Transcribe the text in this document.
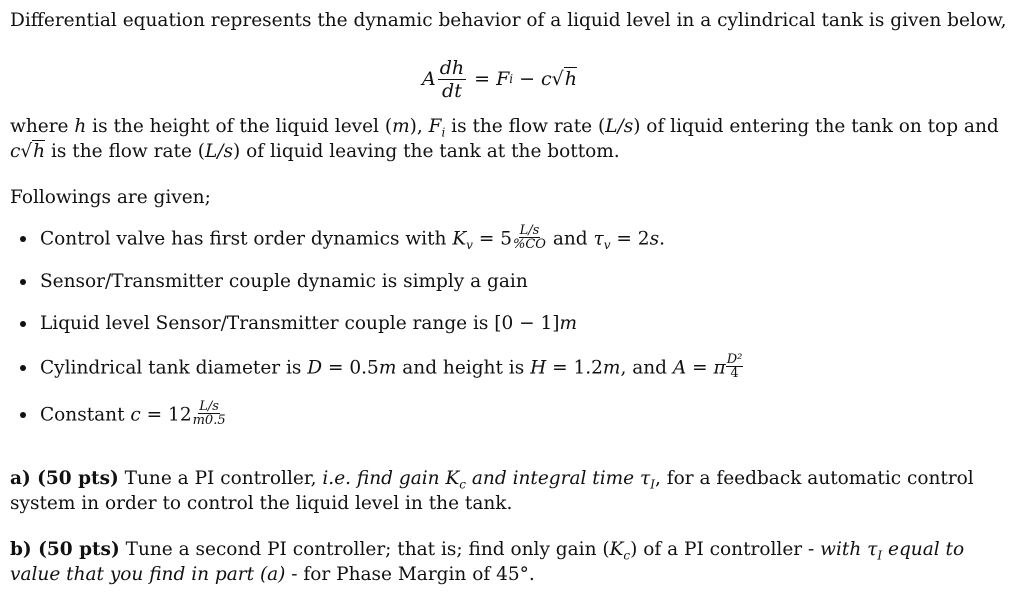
Differential equation represents the dynamic behavior of a liquid level in a cylindrical tank is given below,
A $\frac{dh}{dt} = F$ i − c √h
where h is the height of the liquid level (m), $F_i$ is the flow rate (L/s) of liquid entering the tank on top and
c√h is the flow rate (L/s) of liquid leaving the tank at the bottom.
Followings are given;
Control valve has first order dynamics with $K_v = 5 \frac{L/s}{\%CO}$ and $\tau_v = 2s$.
Sensor/Transmitter couple dynamic is simply a gain
Liquid level Sensor/Transmitter couple range is [0 − 1]m
Cylindrical tank diameter is D = 0.5m and height is H = 1.2m, and A = π $\frac{\text{D²}}{4}$
Constant $c = 12 \frac{L/s}{m0.5}$
a) (50 pts) Tune a PI controller, i.e. find gain $K_c$ and integral time $\tau_I$, for a feedback automatic control
system in order to control the liquid level in the tank.
b) (50 pts) Tune a second PI controller; that is; find only gain $(K_c)$ of a PI controller - with $\tau_I$ equal to
value that you find in part (a) - for Phase Margin of 45°.
